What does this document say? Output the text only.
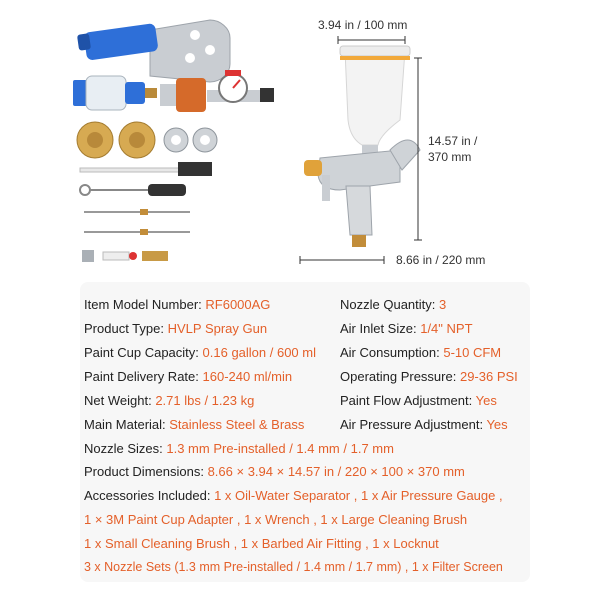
3.94 in / 100 mm
14.57 in /
370 mm
8.66 in / 220 mm
Item Model Number: RF6000AG	Nozzle Quantity: 3
Product Type: HVLP Spray Gun	Air Inlet Size: 1/4" NPT
Paint Cup Capacity: 0.16 gallon / 600 ml Air Consumption: 5-10 CFM
Paint Delivery Rate: 160-240 ml/min	Operating Pressure: 29-36 PSI
Net Weight: 2.71 lbs / 1.23 kg	Paint Flow Adjustment: Yes
Main Material: Stainless Steel & Brass	Air Pressure Adjustment: Yes
Nozzle Sizes: 1.3 mm Pre-installed / 1.4 mm / 1.7 mm
Product Dimensions: 8.66 × 3.94 × 14.57 in / 220 × 100 × 370 mm
Accessories Included: 1 x Oil-Water Separator , 1 x Air Pressure Gauge ,
1 × 3M Paint Cup Adapter , 1 x Wrench , 1 x Large Cleaning Brush
1 x Small Cleaning Brush , 1 x Barbed Air Fitting , 1 x Locknut
3 x Nozzle Sets (1.3 mm Pre-installed / 1.4 mm / 1.7 mm) , 1 x Filter Screen
